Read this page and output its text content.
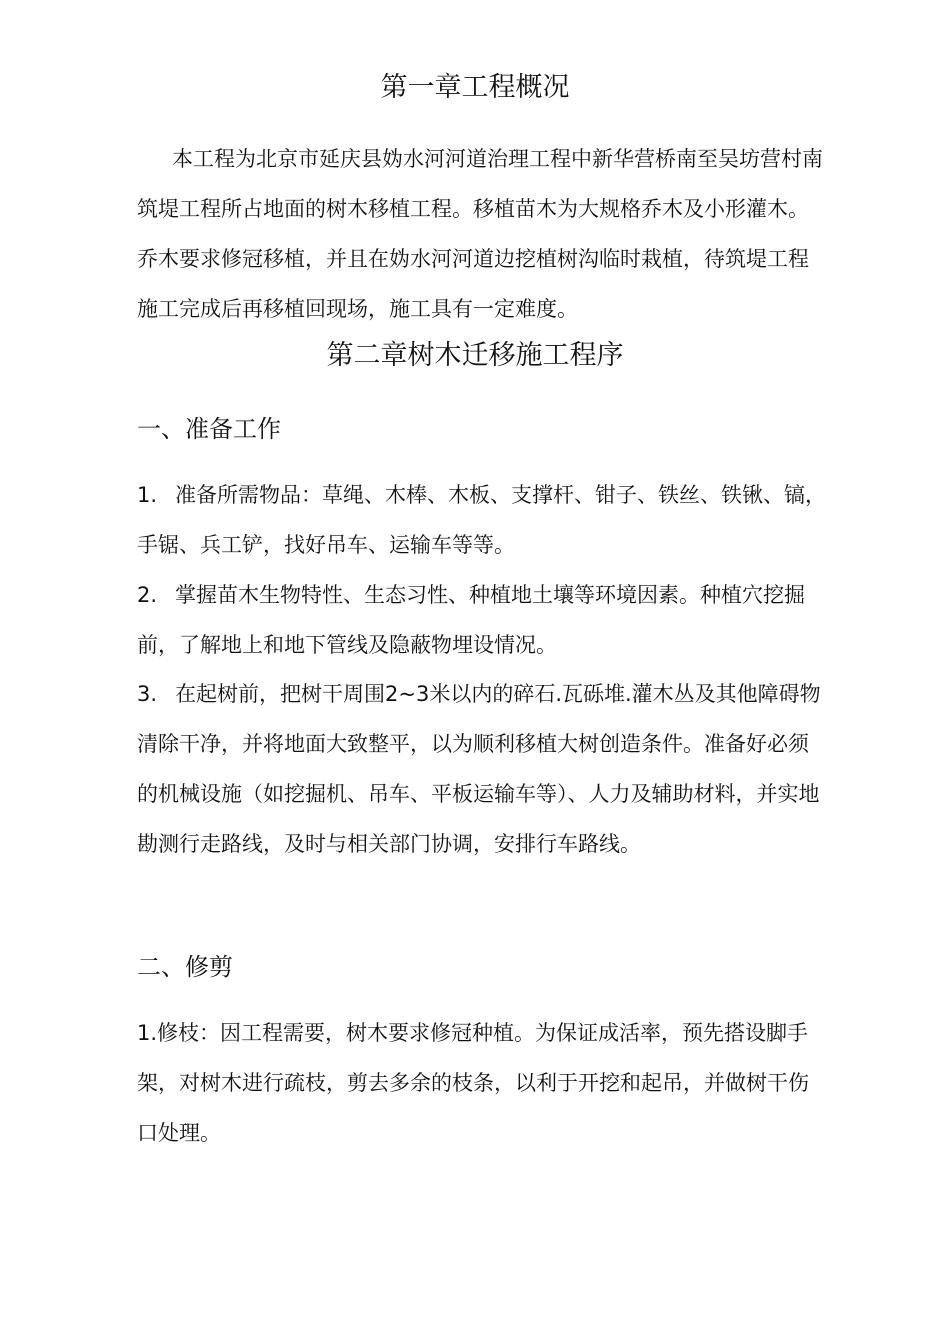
第一章工程概况

本工程为北京市延庆县妫水河河道治理工程中新华营桥南至吴坊营村南筑堤工程所占地面的树木移植工程。移植苗木为大规格乔木及小形灌木。乔木要求修冠移植，并且在妫水河河道边挖植树沟临时栽植，待筑堤工程施工完成后再移植回现场，施工具有一定难度。

第二章树木迁移施工程序
一、准备工作

1. 准备所需物品：草绳、木棒、木板、支撑杆、钳子、铁丝、铁锹、镐，手锯、兵工铲，找好吊车、运输车等等。

2. 掌握苗木生物特性、生态习性、种植地土壤等环境因素。种植穴挖掘前，了解地上和地下管线及隐蔽物埋设情况。

3. 在起树前，把树干周围2~3米以内的碎石.瓦砾堆.灌木丛及其他障碍物清除干净，并将地面大致整平，以为顺利移植大树创造条件。准备好必须的机械设施（如挖掘机、吊车、平板运输车等）、人力及辅助材料，并实地勘测行走路线，及时与相关部门协调，安排行车路线。

二、修剪

1.修枝：因工程需要，树木要求修冠种植。为保证成活率，预先搭设脚手架，对树木进行疏枝，剪去多余的枝条，以利于开挖和起吊，并做树干伤口处理。
